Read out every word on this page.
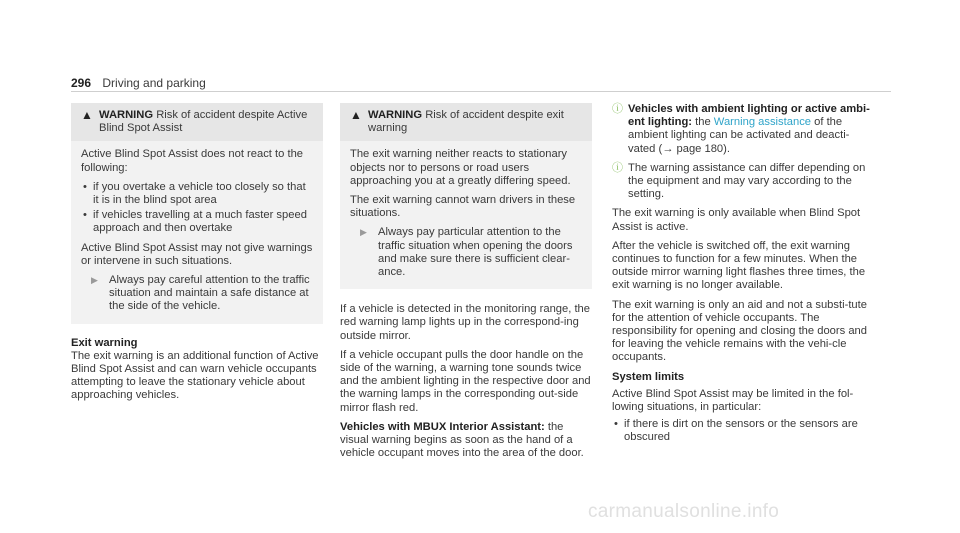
296 Driving and parking
▲ WARNING Risk of accident despite Active Blind Spot Assist

Active Blind Spot Assist does not react to the following:

• if you overtake a vehicle too closely so that it is in the blind spot area
• if vehicles travelling at a much faster speed approach and then overtake

Active Blind Spot Assist may not give warnings or intervene in such situations.

▶ Always pay careful attention to the traffic situation and maintain a safe distance at the side of the vehicle.

Exit warning

The exit warning is an additional function of Active Blind Spot Assist and can warn vehicle occupants attempting to leave the stationary vehicle about approaching vehicles.

▲ WARNING Risk of accident despite exit warning

The exit warning neither reacts to stationary objects nor to persons or road users approaching you at a greatly differing speed.

The exit warning cannot warn drivers in these situations.

▶ Always pay particular attention to the traffic situation when opening the doors and make sure there is sufficient clear-ance.

If a vehicle is detected in the monitoring range, the red warning lamp lights up in the correspond-ing outside mirror.

If a vehicle occupant pulls the door handle on the side of the warning, a warning tone sounds twice and the ambient lighting in the respective door and the warning lamps in the corresponding out-side mirror flash red.

Vehicles with MBUX Interior Assistant: the visual warning begins as soon as the hand of a vehicle occupant moves into the area of the door.

ⓘ Vehicles with ambient lighting or active ambi-ent lighting: the Warning assistance of the ambient lighting can be activated and deacti-vated (→ page 180).
ⓘ The warning assistance can differ depending on the equipment and may vary according to the setting.

The exit warning is only available when Blind Spot Assist is active.

After the vehicle is switched off, the exit warning continues to function for a few minutes. When the outside mirror warning light flashes three times, the exit warning is no longer available.

The exit warning is only an aid and not a substi-tute for the attention of vehicle occupants. The responsibility for opening and closing the doors and for leaving the vehicle remains with the vehi-cle occupants.

System limits

Active Blind Spot Assist may be limited in the fol-lowing situations, in particular:

• if there is dirt on the sensors or the sensors are obscured
carmanualsonline.info
